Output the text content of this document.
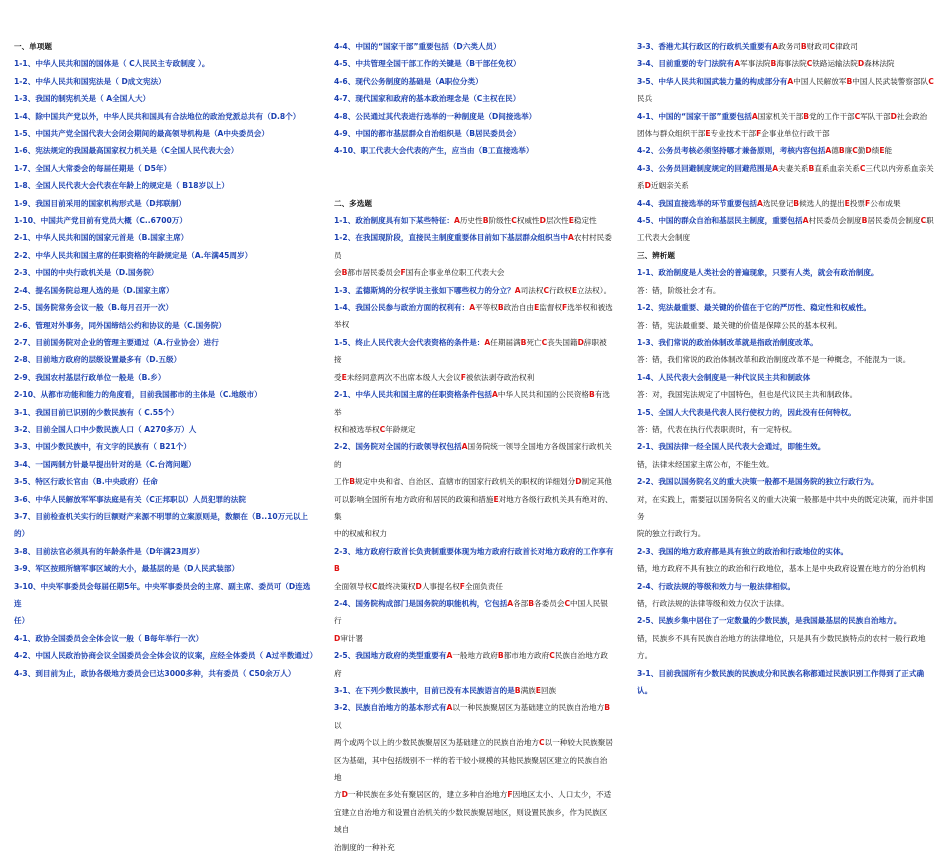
一、单项题
1-1、中华人民共和国的国体是（ C人民民主专政制度 ）。
1-2、中华人民共和国宪法是（ D成文宪法）
1-3、我国的制宪机关是（ A全国人大）
1-4、除中国共产党以外，中华人民共和国具有合法地位的政治党派总共有（D.8个）
1-5、中国共产党全国代表大会闭会期间的最高领导机构是（A中央委员会）
1-6、宪法规定的我国最高国家权力机关是（C全国人民代表大会）
1-7、全国人大常委会的每届任期是（ D5年）
1-8、全国人民代表大会代表在年龄上的规定是（ B18岁以上）
1-9、我国目前采用的国家机构形式是（D邦联制）
1-10、中国共产党目前有党员大概（C..6700万）
2-1、中华人民共和国的国家元首是（B.国家主席）
2-2、中华人民共和国主席的任职资格的年龄规定是（A.年满45周岁）
2-3、中国的中央行政机关是（D.国务院）
2-4、提名国务院总理人选的是（D.国家主席）
2-5、国务院常务会议一般（B.每月召开一次）
2-6、管理对外事务，同外国缔结公约和协议的是（C.国务院）
2-7、目前国务院对企业的管理主要通过（A.行业协会）进行
2-8、目前地方政府的层级设置最多有（D.五级）
2-9、我国农村基层行政单位一般是（B.乡）
2-10、从都市功能和能力的角度看，目前我国都市的主体是（C.地级市）
3-1、我国目前已识别的少数民族有（ C.55个）
3-2、目前全国人口中少数民族人口（ A270多万）人
3-3、中国少数民族中，有文字的民族有（ B21个）
3-4、一国两制方针最早提出针对的是（C.台湾问题）
3-5、特区行政长官由（B.中央政府）任命
3-6、中华人民解放军军事法庭是有关（C正邦职以）人员犯罪的法院
3-7、目前检查机关实行的巨额财产来源不明罪的立案原则是，数额在（B..10万元以上的）
3-8、目前法官必须具有的年龄条件是（D年满23周岁）
3-9、军区按照所辖军事区域的大小，最基层的是（D人民武装部）
3-10、中央军事委员会每届任期5年。中央军事委员会的主席、副主席、委员可（D连选连
任）
4-1、政协全国委员会全体会议一般（ B每年举行一次）
4-2、中国人民政治协商会议全国委员会全体会议的议案，应经全体委员（ A过半数通过）
4-3、到目前为止，政协各级地方委员会已达3000多种，共有委员（ C50余万人）
4-4、中国的“国家干部”重要包括（D六类人员）
4-5、中共管理全国干部工作的关键是（B干部任免权）
4-6、现代公务制度的基础是（A职位分类）
4-7、现代国家和政府的基本政治理念是（C主权在民）
4-8、公民通过其代表进行选举的一种制度是（D间接选举）
4-9、中国的都市基层群众自治组织是（B居民委员会）
4-10、职工代表大会代表的产生，应当由（B工直接选举）
二、多选题
1-1、政治制度具有如下某些特征：A历史性B阶级性C权威性D层次性E稳定性
1-2、在我国现阶段，直接民主制度重要体目前如下基层群众组织当中A农村村民委员
会B都市居民委员会F国有企事业单位职工代表大会
1-3、孟德斯鸠的分权学说主张如下哪些权力的分立？A司法权C行政权E立法权）。
1-4、我国公民参与政治方面的权利有：A平等权B政治自由E监督权F选举权和被选
举权
1-5、终止人民代表大会代表资格的条件是：A任期届满B死亡C丧失国籍D辞职被接
受E未经同意两次不出席本级人大会议F被依法剥夺政治权利
2-1、中华人民共和国主席的任职资格条件包括A中华人民共和国的公民资格B有选举
权和被选举权C年龄规定
2-2、国务院对全国的行政领导权包括A国务院统一领导全国地方各级国家行政机关的
工作B规定中央和省、自治区、直辖市的国家行政机关的职权的详细划分D制定其他
可以影响全国所有地方政府和居民的政策和措施E对地方各级行政机关具有绝对的、集
中的权威和权力
2-3、地方政府行政首长负责制重要体现为地方政府行政首长对地方政府的工作享有B
全面领导权C最终决策权D人事提名权F全面负责任
2-4、国务院构成部门是国务院的职能机构，它包括A各部B各委员会C中国人民银行
D审计署
2-5、我国地方政府的类型重要有A一般地方政府B都市地方政府C民族自治地方政府
3-1、在下列少数民族中，目前已没有本民族语言的是B满族E回族
3-2、民族自治地方的基本形式有A以一种民族聚居区为基础建立的民族自治地方B以
两个或两个以上的少数民族聚居区为基础建立的民族自治地方C以一种较大民族聚居
区为基础，其中包括级别不一样的若干较小规模的其他民族聚居区建立的民族自治地
方D一种民族在多处有聚居区的，建立多种自治地方F因地区太小、人口太少，不适
宜建立自治地方和设置自治机关的少数民族聚居地区，则设置民族乡，作为民族区域自
治制度的一种补充
3-3、香港尤其行政区的行政机关重要有A政务司B财政司C律政司
3-4、目前重要的专门法院有A军事法院B海事法院C铁路运输法院D森林法院
3-5、中华人民共和国武装力量的构成部分有A中国人民解放军B中国人民武装警察部队C
民兵
4-1、中国的“国家干部”重要包括A国家机关干部B党的工作干部C军队干部D社会政治
团体与群众组织干部E专业技术干部F企事业单位行政干部
4-2、公务员考核必须坚持哪才兼备原则，考核内容包括A德B廉C勤D绩E能
4-3、公务员回避制度规定的回避范围是A夫妻关系B直系血亲关系C三代以内旁系血亲关
系D近姻亲关系
4-4、我国直接选举的环节重要包括A选民登记B候选人的提出E投票F公布成果
4-5、中国的群众自治和基层民主制度，重要包括A村民委员会制度B居民委员会制度C职
工代表大会制度
三、辨析题
1-1、政治制度是人类社会的普遍现象，只要有人类，就会有政治制度。
答：错，阶级社会才有。
1-2、宪法最重要、最关键的价值在于它的严厉性、稳定性和权威性。
答：错，宪法最重要、最关键的价值是保障公民的基本权利。
1-3、我们常说的政治体制改革就是指政治制度改革。
答：错，我们常说的政治体制改革和政治制度改革不是一种概念，不能混为一谈。
1-4、人民代表大会制度是一种代议民主共和制政体
答：对，我国宪法规定了中国特色，但也是代议民主共和制政体。
1-5、全国人大代表是代表人民行使权力的，因此没有任何特权。
答：错，代表在执行代表职责时，有一定特权。
2-1、我国法律一经全国人民代表大会通过，即能生效。
错，法律未经国家主席公布，不能生效。
2-2、我国以国务院名义的重大决策一般都不是国务院的独立行政行为。
对，在实践上，需要冠以国务院名义的重大决策一般都是中共中央的既定决策，而并非国务
院的独立行政行为。
2-3、我国的地方政府都是具有独立的政治和行政地位的实体。
错，地方政府不具有独立的政治和行政地位，基本上是中央政府设置在地方的分治机构
2-4、行政法规的等级和效力与一般法律相似。
错，行政法规的法律等级和效力仅次于法律。
2-5、民族乡集中居住了一定数量的少数民族，是我国最基层的民族自治地方。
错，民族乡不具有民族自治地方的法律地位，只是具有少数民族特点的农村一般行政地方。
3-1、目前我国所有少数民族的民族成分和民族名称都通过民族识别工作得到了正式确认。
